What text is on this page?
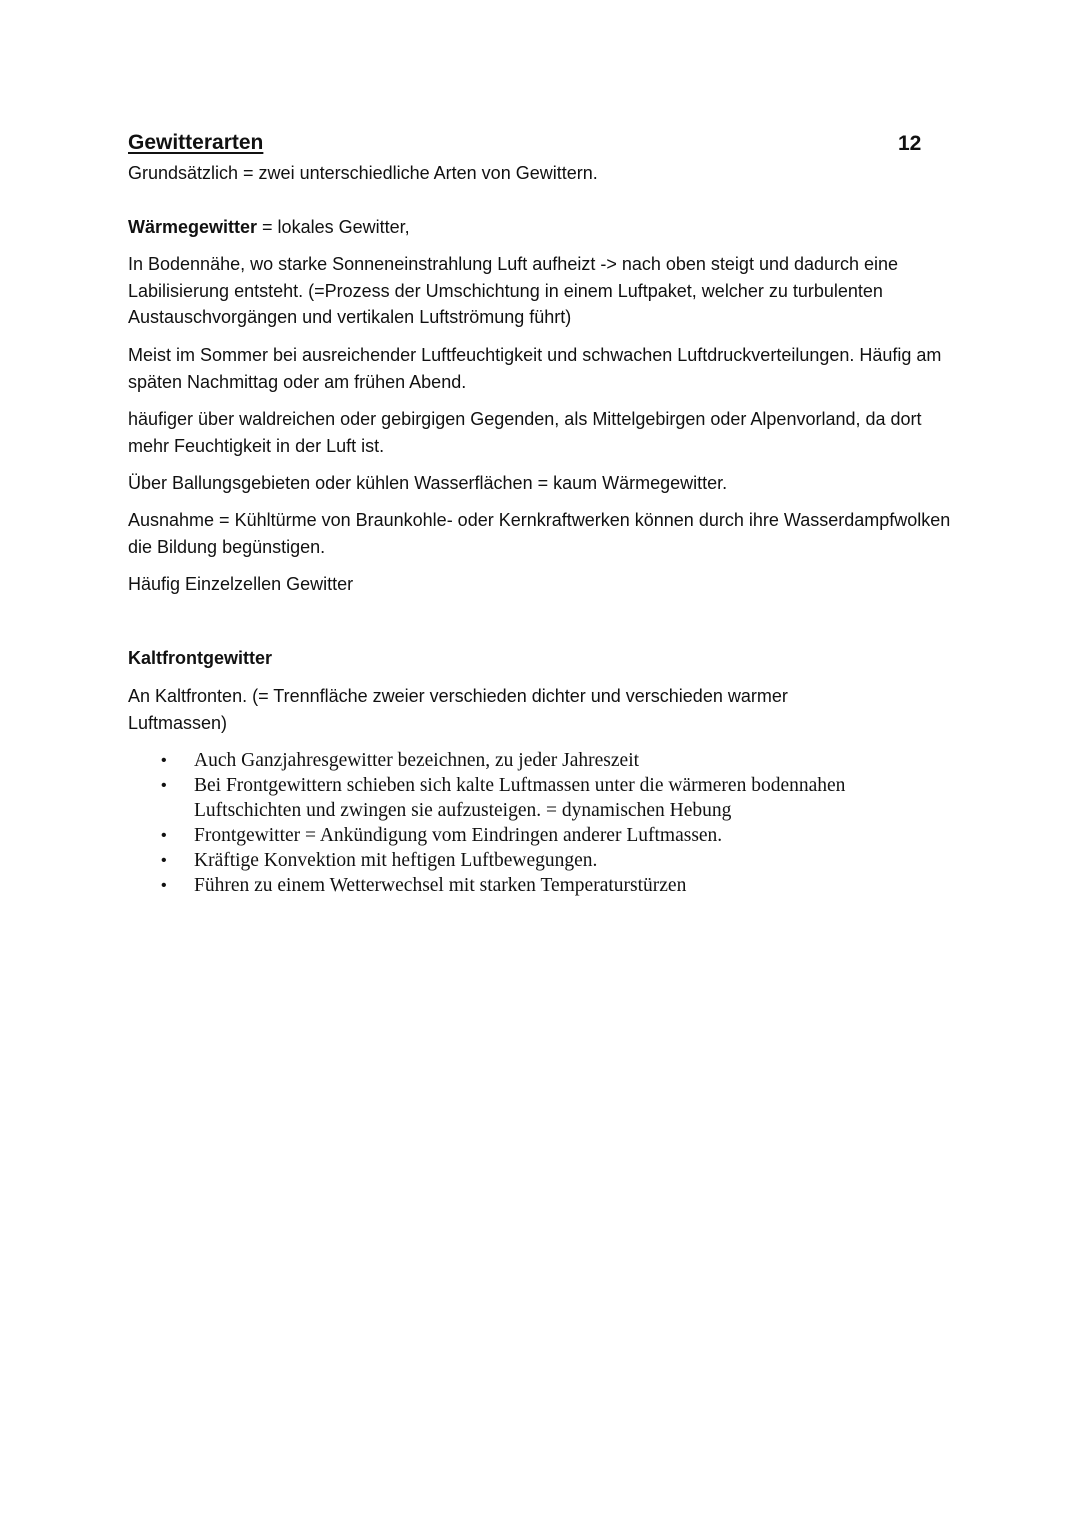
Gewitterarten	12

Grundsätzlich = zwei unterschiedliche Arten von Gewittern.

Wärmegewitter = lokales Gewitter,

In Bodennähe, wo starke Sonneneinstrahlung Luft aufheizt -> nach oben steigt und dadurch eine Labilisierung entsteht. (=Prozess der Umschichtung in einem Luftpaket, welcher zu turbulenten Austauschvorgängen und vertikalen Luftströmung führt)

Meist im Sommer bei ausreichender Luftfeuchtigkeit und schwachen Luftdruckverteilungen. Häufig am späten Nachmittag oder am frühen Abend.

häufiger über waldreichen oder gebirgigen Gegenden, als Mittelgebirgen oder Alpenvorland, da dort mehr Feuchtigkeit in der Luft ist.

Über Ballungsgebieten oder kühlen Wasserflächen = kaum Wärmegewitter.

Ausnahme = Kühltürme von Braunkohle- oder Kernkraftwerken können durch ihre Wasserdampfwolken die Bildung begünstigen.

Häufig Einzelzellen Gewitter

Kaltfrontgewitter

An Kaltfronten. (= Trennfläche zweier verschieden dichter und verschieden warmer Luftmassen)

• Auch Ganzjahresgewitter bezeichnen, zu jeder Jahreszeit
• Bei Frontgewittern schieben sich kalte Luftmassen unter die wärmeren bodennahen Luftschichten und zwingen sie aufzusteigen. = dynamischen Hebung
• Frontgewitter = Ankündigung vom Eindringen anderer Luftmassen.
• Kräftige Konvektion mit heftigen Luftbewegungen.
• Führen zu einem Wetterwechsel mit starken Temperaturstürzen
